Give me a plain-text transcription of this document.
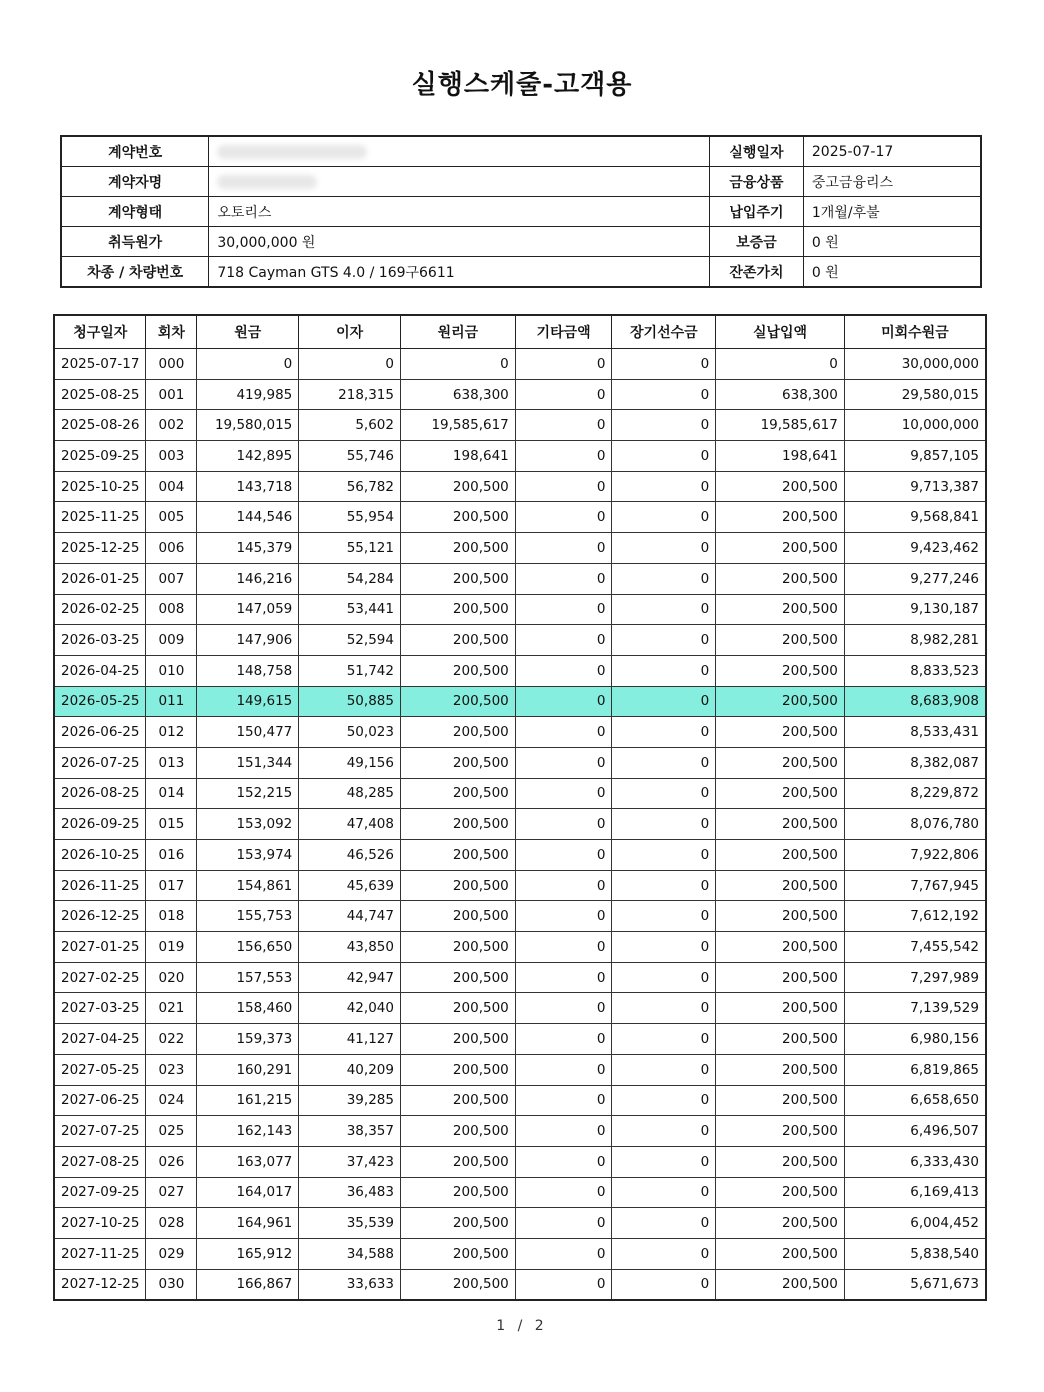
실행스케줄-고객용
계약번호		실행일자	2025-07-17
계약자명		금융상품	중고금융리스
계약형태	오토리스	납입주기	1개월/후불
취득원가	30,000,000 원	보증금	0 원
차종 / 차량번호	718 Cayman GTS 4.0 / 169구6611	잔존가치	0 원
청구일자	회차	원금	이자	원리금	기타금액	장기선수금	실납입액	미회수원금
2025-07-17	000	0	0	0	0	0	0	30,000,000
2025-08-25	001	419,985	218,315	638,300	0	0	638,300	29,580,015
2025-08-26	002	19,580,015	5,602	19,585,617	0	0	19,585,617	10,000,000
2025-09-25	003	142,895	55,746	198,641	0	0	198,641	9,857,105
2025-10-25	004	143,718	56,782	200,500	0	0	200,500	9,713,387
2025-11-25	005	144,546	55,954	200,500	0	0	200,500	9,568,841
2025-12-25	006	145,379	55,121	200,500	0	0	200,500	9,423,462
2026-01-25	007	146,216	54,284	200,500	0	0	200,500	9,277,246
2026-02-25	008	147,059	53,441	200,500	0	0	200,500	9,130,187
2026-03-25	009	147,906	52,594	200,500	0	0	200,500	8,982,281
2026-04-25	010	148,758	51,742	200,500	0	0	200,500	8,833,523
2026-05-25	011	149,615	50,885	200,500	0	0	200,500	8,683,908
2026-06-25	012	150,477	50,023	200,500	0	0	200,500	8,533,431
2026-07-25	013	151,344	49,156	200,500	0	0	200,500	8,382,087
2026-08-25	014	152,215	48,285	200,500	0	0	200,500	8,229,872
2026-09-25	015	153,092	47,408	200,500	0	0	200,500	8,076,780
2026-10-25	016	153,974	46,526	200,500	0	0	200,500	7,922,806
2026-11-25	017	154,861	45,639	200,500	0	0	200,500	7,767,945
2026-12-25	018	155,753	44,747	200,500	0	0	200,500	7,612,192
2027-01-25	019	156,650	43,850	200,500	0	0	200,500	7,455,542
2027-02-25	020	157,553	42,947	200,500	0	0	200,500	7,297,989
2027-03-25	021	158,460	42,040	200,500	0	0	200,500	7,139,529
2027-04-25	022	159,373	41,127	200,500	0	0	200,500	6,980,156
2027-05-25	023	160,291	40,209	200,500	0	0	200,500	6,819,865
2027-06-25	024	161,215	39,285	200,500	0	0	200,500	6,658,650
2027-07-25	025	162,143	38,357	200,500	0	0	200,500	6,496,507
2027-08-25	026	163,077	37,423	200,500	0	0	200,500	6,333,430
2027-09-25	027	164,017	36,483	200,500	0	0	200,500	6,169,413
2027-10-25	028	164,961	35,539	200,500	0	0	200,500	6,004,452
2027-11-25	029	165,912	34,588	200,500	0	0	200,500	5,838,540
2027-12-25	030	166,867	33,633	200,500	0	0	200,500	5,671,673
1 / 2
